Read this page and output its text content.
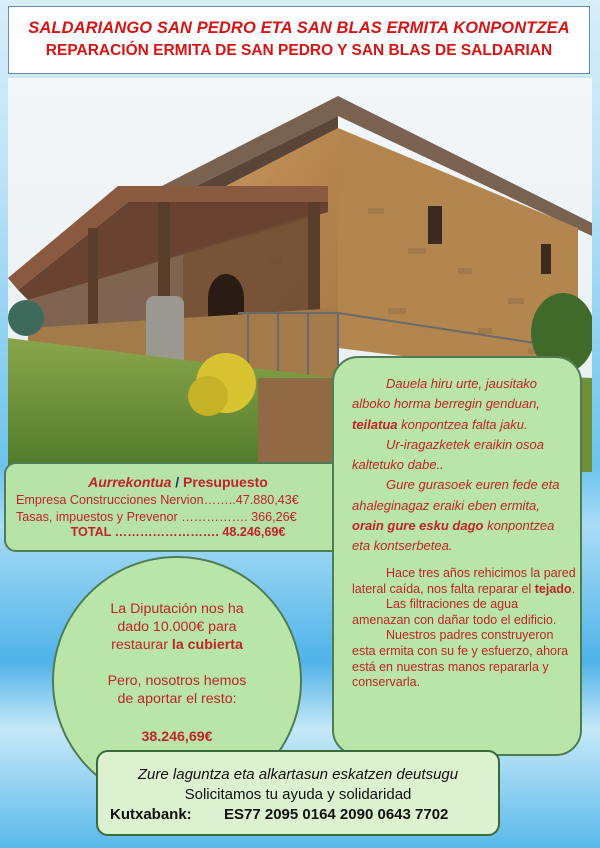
SALDARIANGO SAN PEDRO ETA SAN BLAS ERMITA KONPONTZEA
REPARACIÓN ERMITA DE SAN PEDRO Y SAN BLAS DE SALDARIAN
Aurrekontua / Presupuesto
Empresa Construcciones Nervion……..47.880,43€
Tasas, impuestos y Prevenor ……………. 366,26€
TOTAL ……………………. 48.246,69€

Dauela hiru urte, jausitako alboko horma berregin genduan, teilatua konpontzea falta jaku.

Ur-iragazketek eraikin osoa kaltetuko dabe..

Gure gurasoek euren fede eta ahaleginagaz eraiki eben ermita, orain gure esku dago konpontzea eta kontserbetea.

Hace tres años rehicimos la pared lateral caída, nos falta reparar el tejado.

Las filtraciones de agua amenazan con dañar todo el edificio.

Nuestros padres construyeron esta ermita con su fe y esfuerzo, ahora está en nuestras manos repararla y conservarla.

La Diputación nos ha

dado 10.000€ para

restaurar la cubierta

Pero, nosotros hemos

de aportar el resto:

38.246,69€

Zure laguntza eta alkartasun eskatzen deutsugu
Solicitamos tu ayuda y solidaridad
Kutxabank: ES77 2095 0164 2090 0643 7702
